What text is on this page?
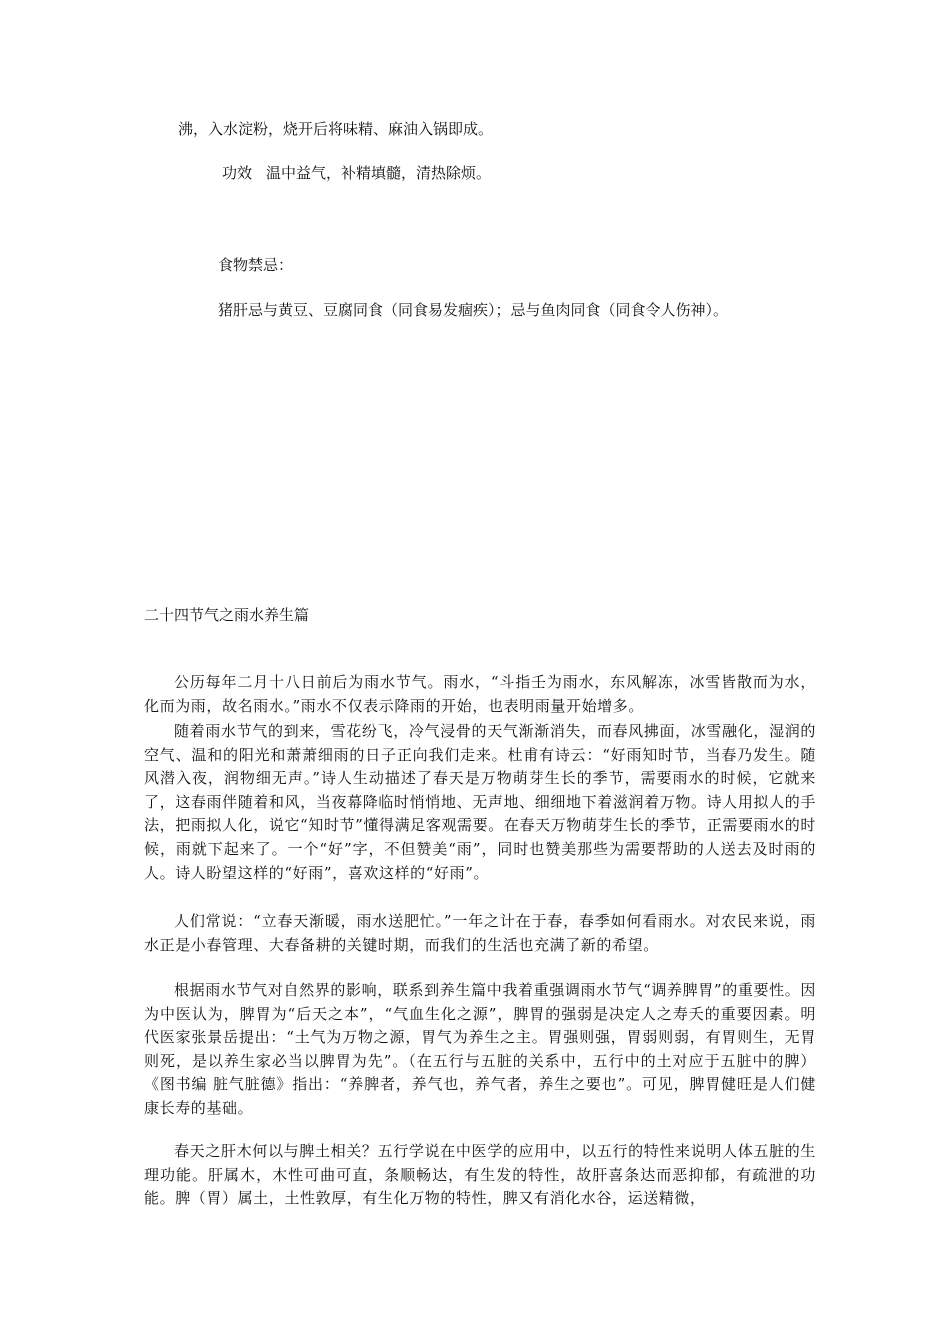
沸，入水淀粉，烧开后将味精、麻油入锅即成。
功效 温中益气，补精填髓，清热除烦。
食物禁忌：
猪肝忌与黄豆、豆腐同食（同食易发痼疾）；忌与鱼肉同食（同食令人伤神）。
二十四节气之雨水养生篇
公历每年二月十八日前后为雨水节气。雨水，“斗指壬为雨水，东风解冻，冰雪皆散而为水，化而为雨，故名雨水。”雨水不仅表示降雨的开始，也表明雨量开始增多。
随着雨水节气的到来，雪花纷飞，冷气浸骨的天气渐渐消失，而春风拂面，冰雪融化，湿润的空气、温和的阳光和萧萧细雨的日子正向我们走来。杜甫有诗云：“好雨知时节，当春乃发生。随风潜入夜，润物细无声。”诗人生动描述了春天是万物萌芽生长的季节，需要雨水的时候，它就来了，这春雨伴随着和风，当夜幕降临时悄悄地、无声地、细细地下着滋润着万物。诗人用拟人的手法，把雨拟人化，说它“知时节”懂得满足客观需要。在春天万物萌芽生长的季节，正需要雨水的时候，雨就下起来了。一个“好”字，不但赞美“雨”，同时也赞美那些为需要帮助的人送去及时雨的人。诗人盼望这样的“好雨”，喜欢这样的“好雨”。
人们常说：“立春天渐暖，雨水送肥忙。”一年之计在于春，春季如何看雨水。对农民来说，雨水正是小春管理、大春备耕的关键时期，而我们的生活也充满了新的希望。
根据雨水节气对自然界的影响，联系到养生篇中我着重强调雨水节气“调养脾胃”的重要性。因为中医认为，脾胃为“后天之本”，“气血生化之源”，脾胃的强弱是决定人之寿夭的重要因素。明代医家张景岳提出：“土气为万物之源，胃气为养生之主。胃强则强，胃弱则弱，有胃则生，无胃则死，是以养生家必当以脾胃为先”。（在五行与五脏的关系中，五行中的土对应于五脏中的脾）《图书编 脏气脏德》指出：“养脾者，养气也，养气者，养生之要也”。可见，脾胃健旺是人们健康长寿的基础。
春天之肝木何以与脾土相关？五行学说在中医学的应用中，以五行的特性来说明人体五脏的生理功能。肝属木，木性可曲可直，条顺畅达，有生发的特性，故肝喜条达而恶抑郁，有疏泄的功能。脾（胃）属土，土性敦厚，有生化万物的特性，脾又有消化水谷，运送精微，
